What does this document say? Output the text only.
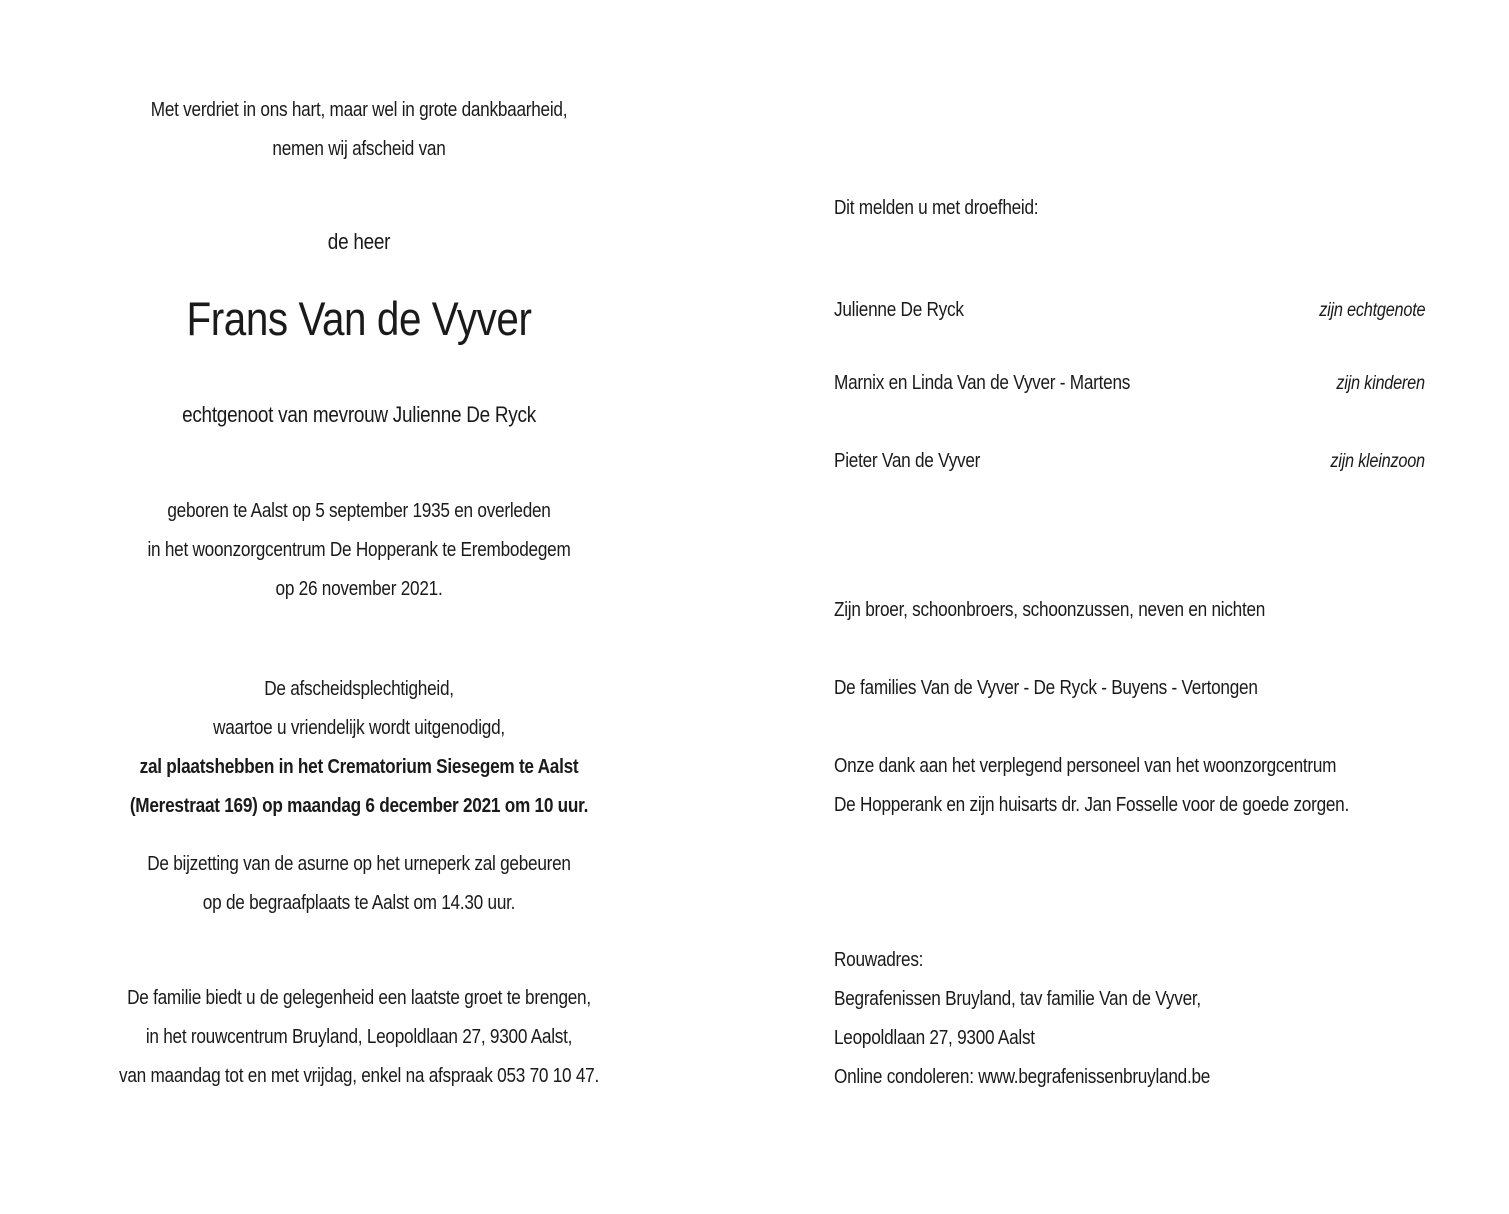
Met verdriet in ons hart, maar wel in grote dankbaarheid,
nemen wij afscheid van
de heer
Frans Van de Vyver
echtgenoot van mevrouw Julienne De Ryck
geboren te Aalst op 5 september 1935 en overleden
in het woonzorgcentrum De Hopperank te Erembodegem
op 26 november 2021.
De afscheidsplechtigheid,
waartoe u vriendelijk wordt uitgenodigd,
zal plaatshebben in het Crematorium Siesegem te Aalst
(Merestraat 169) op maandag 6 december 2021 om 10 uur.
De bijzetting van de asurne op het urneperk zal gebeuren
op de begraafplaats te Aalst om 14.30 uur.
De familie biedt u de gelegenheid een laatste groet te brengen,
in het rouwcentrum Bruyland, Leopoldlaan 27, 9300 Aalst,
van maandag tot en met vrijdag, enkel na afspraak 053 70 10 47.
Dit melden u met droefheid:
Julienne De Ryck	zijn echtgenote
Marnix en Linda Van de Vyver - Martens	zijn kinderen
Pieter Van de Vyver	zijn kleinzoon
Zijn broer, schoonbroers, schoonzussen, neven en nichten
De families Van de Vyver - De Ryck - Buyens - Vertongen
Onze dank aan het verplegend personeel van het woonzorgcentrum
De Hopperank en zijn huisarts dr. Jan Fosselle voor de goede zorgen.
Rouwadres:
Begrafenissen Bruyland, tav familie Van de Vyver,
Leopoldlaan 27, 9300 Aalst
Online condoleren: www.begrafenissenbruyland.be
